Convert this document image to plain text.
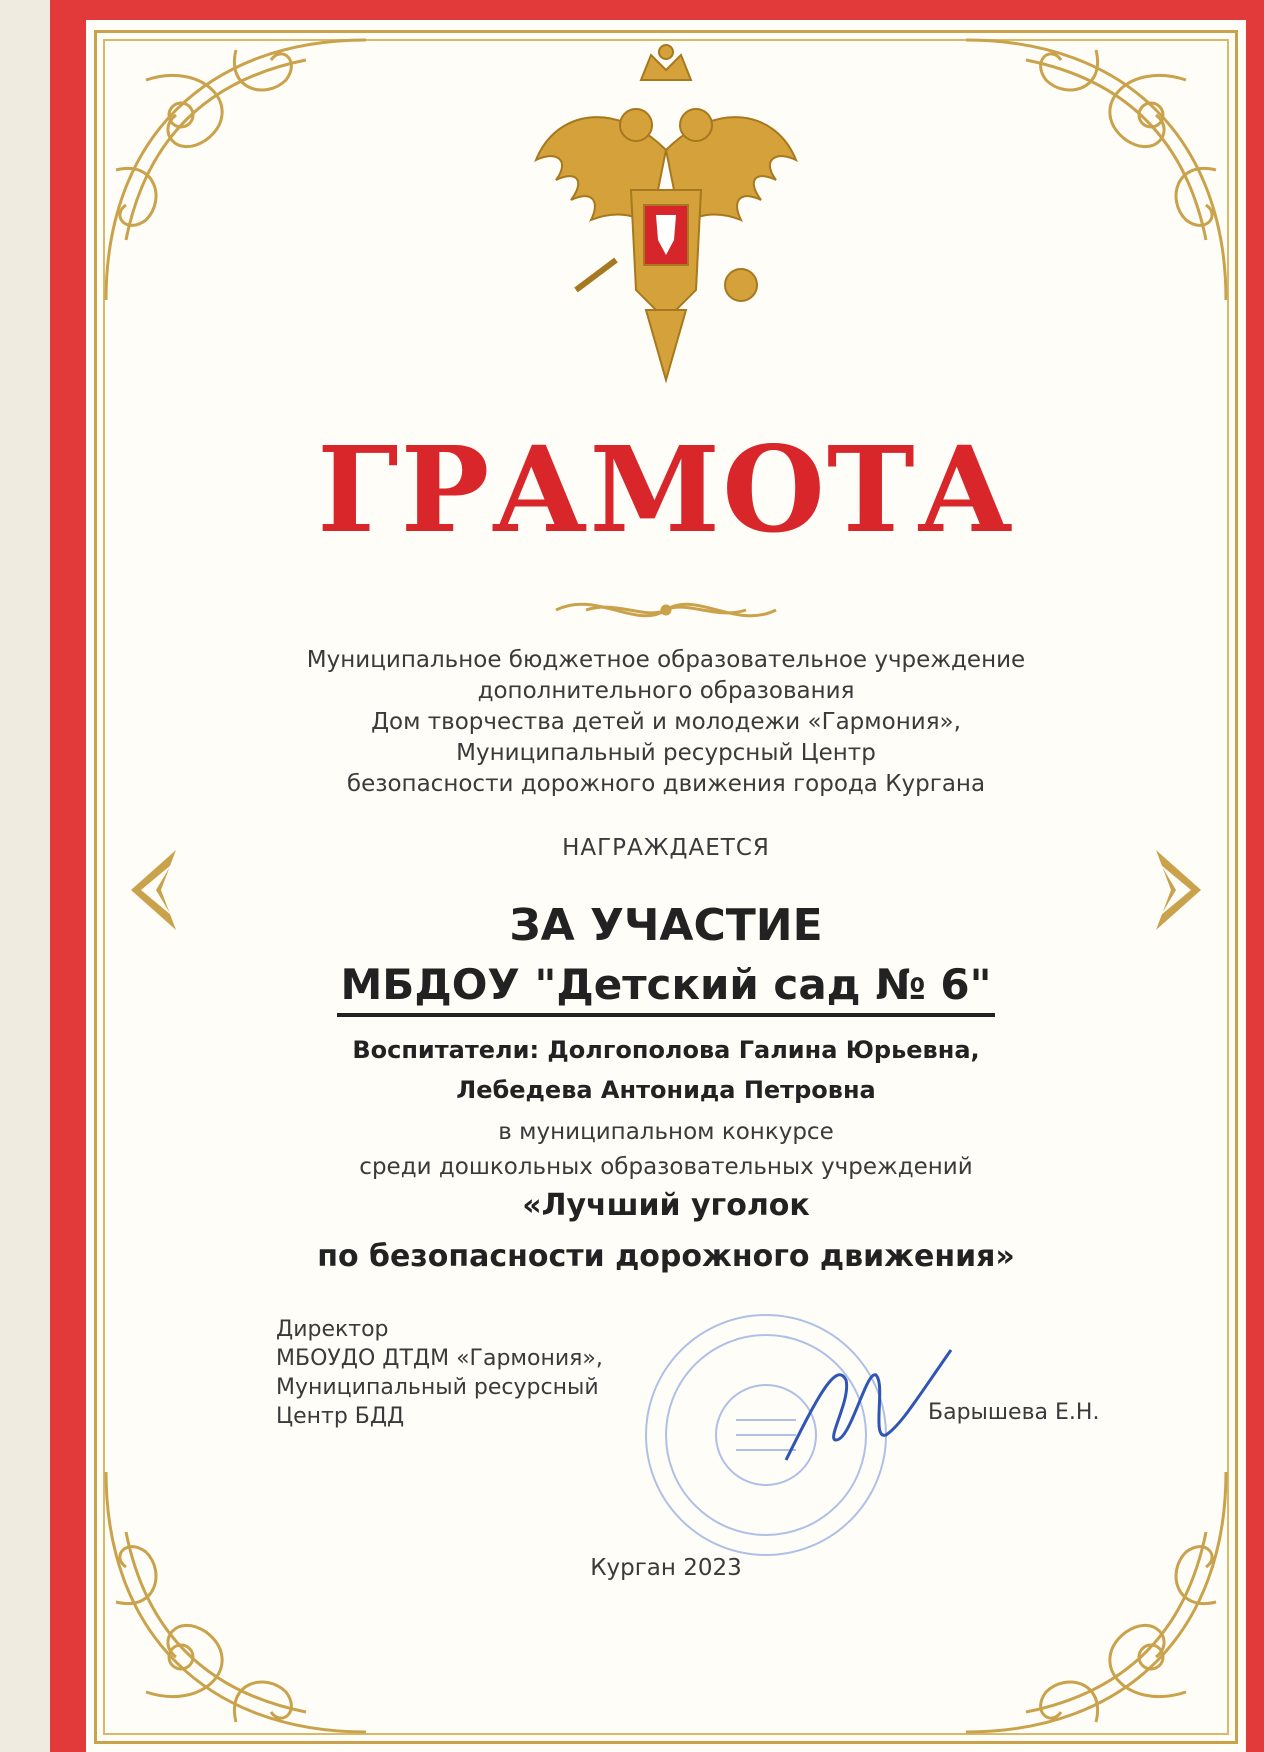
ГРАМОТА
Муниципальное бюджетное образовательное учреждение
дополнительного образования
Дом творчества детей и молодежи «Гармония»,
Муниципальный ресурсный Центр
безопасности дорожного движения города Кургана
НАГРАЖДАЕТСЯ
ЗА УЧАСТИЕ
МБДОУ "Детский сад № 6"
Воспитатели: Долгополова Галина Юрьевна,
Лебедева Антонида Петровна
в муниципальном конкурсе
среди дошкольных образовательных учреждений
«Лучший уголок
по безопасности дорожного движения»
Директор
МБОУДО ДТДМ «Гармония»,
Муниципальный ресурсный
Центр БДД	Барышева Е.Н.
Курган 2023
